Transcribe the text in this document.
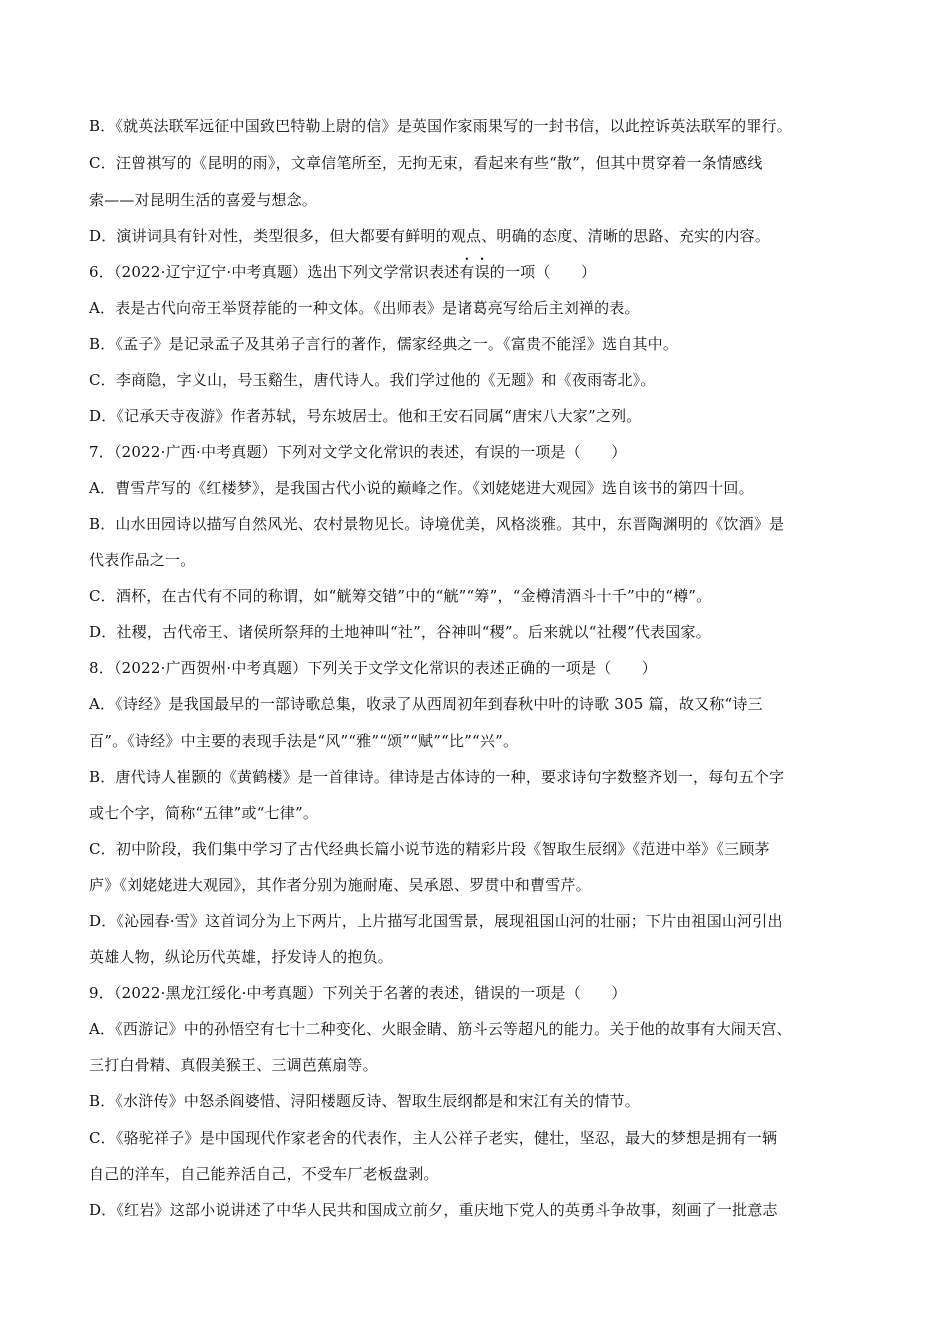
B．《就英法联军远征中国致巴特勒上尉的信》是英国作家雨果写的一封书信，以此控诉英法联军的罪行。
C．汪曾祺写的《昆明的雨》，文章信笔所至，无拘无束，看起来有些“散”，但其中贯穿着一条情感线
索——对昆明生活的喜爱与想念。
D．演讲词具有针对性，类型很多，但大都要有鲜明的观点、明确的态度、清晰的思路、充实的内容。
6．（2022·辽宁辽宁·中考真题）选出下列文学常识表述有误的一项（　　）
A．表是古代向帝王举贤荐能的一种文体。《出师表》是诸葛亮写给后主刘禅的表。
B．《孟子》是记录孟子及其弟子言行的著作，儒家经典之一。《富贵不能淫》选自其中。
C．李商隐，字义山，号玉谿生，唐代诗人。我们学过他的《无题》和《夜雨寄北》。
D．《记承天寺夜游》作者苏轼，号东坡居士。他和王安石同属“唐宋八大家”之列。
7．（2022·广西·中考真题）下列对文学文化常识的表述，有误的一项是（　　）
A．曹雪芹写的《红楼梦》，是我国古代小说的巅峰之作。《刘姥姥进大观园》选自该书的第四十回。
B．山水田园诗以描写自然风光、农村景物见长。诗境优美，风格淡雅。其中，东晋陶渊明的《饮酒》是
代表作品之一。
C．酒杯，在古代有不同的称谓，如“觥筹交错”中的“觥”“筹”，“金樽清酒斗十千”中的“樽”。
D．社稷，古代帝王、诸侯所祭拜的土地神叫“社”，谷神叫“稷”。后来就以“社稷”代表国家。
8．（2022·广西贺州·中考真题）下列关于文学文化常识的表述正确的一项是（　　）
A．《诗经》是我国最早的一部诗歌总集，收录了从西周初年到春秋中叶的诗歌 305 篇，故又称“诗三
百”。《诗经》中主要的表现手法是“风”“雅”“颂”“赋”“比”“兴”。
B．唐代诗人崔颢的《黄鹤楼》是一首律诗。律诗是古体诗的一种，要求诗句字数整齐划一，每句五个字
或七个字，简称“五律”或“七律”。
C．初中阶段，我们集中学习了古代经典长篇小说节选的精彩片段《智取生辰纲》《范进中举》《三顾茅
庐》《刘姥姥进大观园》，其作者分别为施耐庵、吴承恩、罗贯中和曹雪芹。
D．《沁园春·雪》这首词分为上下两片，上片描写北国雪景，展现祖国山河的壮丽；下片由祖国山河引出
英雄人物，纵论历代英雄，抒发诗人的抱负。
9．（2022·黑龙江绥化·中考真题）下列关于名著的表述，错误的一项是（　　）
A．《西游记》中的孙悟空有七十二种变化、火眼金睛、筋斗云等超凡的能力。关于他的故事有大闹天宫、
三打白骨精、真假美猴王、三调芭蕉扇等。
B．《水浒传》中怒杀阎婆惜、浔阳楼题反诗、智取生辰纲都是和宋江有关的情节。
C．《骆驼祥子》是中国现代作家老舍的代表作，主人公祥子老实，健壮，坚忍，最大的梦想是拥有一辆
自己的洋车，自己能养活自己，不受车厂老板盘剥。
D．《红岩》这部小说讲述了中华人民共和国成立前夕，重庆地下党人的英勇斗争故事，刻画了一批意志
